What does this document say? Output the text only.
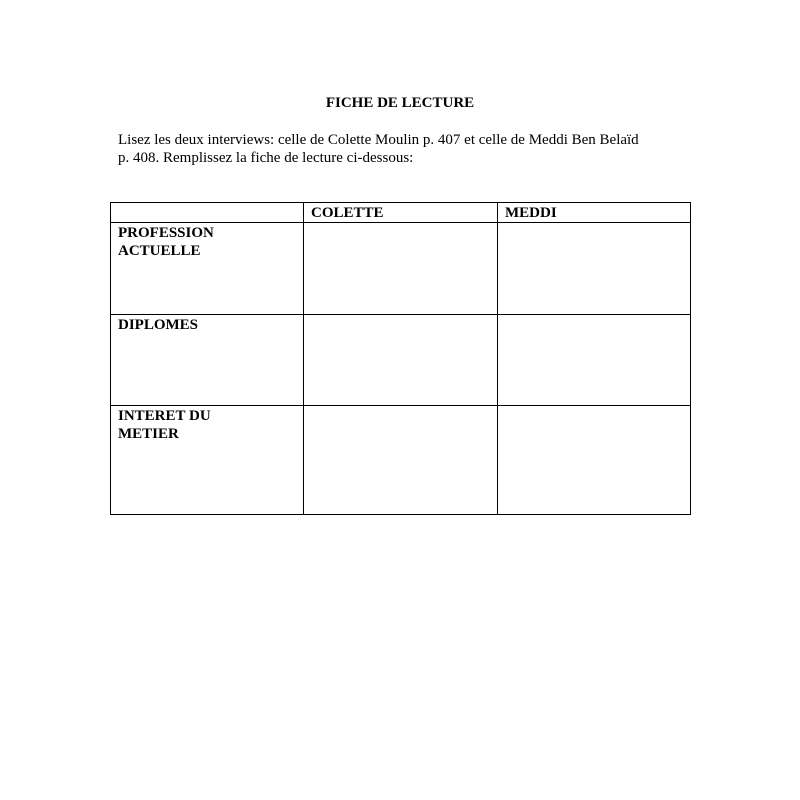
FICHE DE LECTURE
Lisez les deux interviews: celle de Colette Moulin p. 407 et celle de Meddi Ben Belaïd
p. 408. Remplissez la fiche de lecture ci-dessous:
	COLETTE	MEDDI

PROFESSION
ACTUELLE		

DIPLOMES		

INTERET DU
METIER		
